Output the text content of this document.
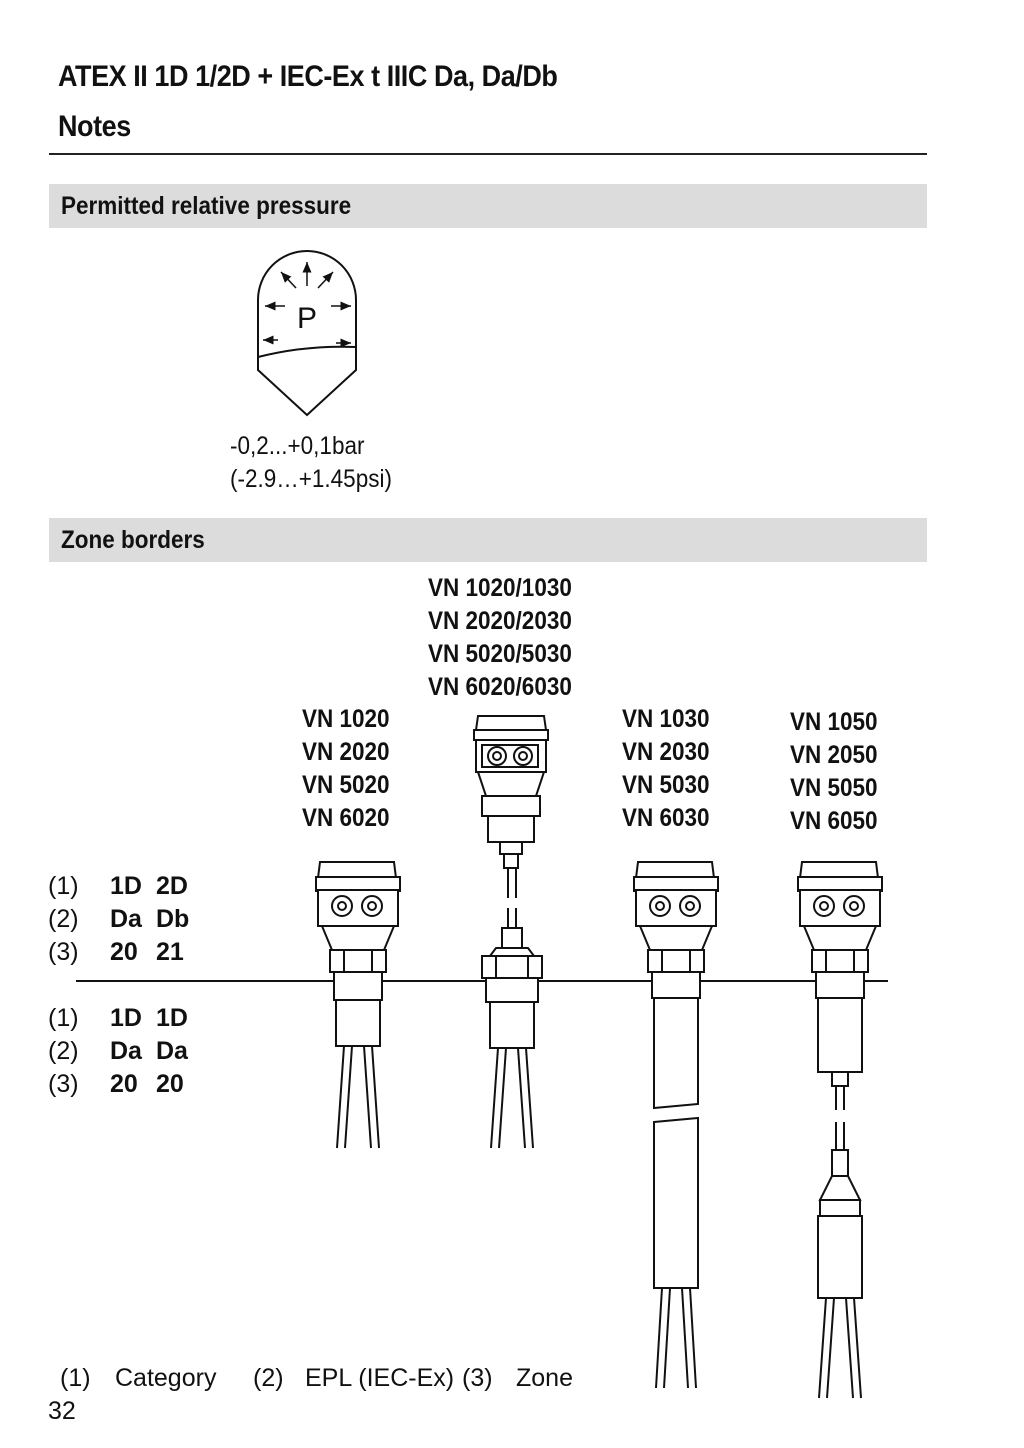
ATEX II 1D 1/2D + IEC-Ex t IIIC Da, Da/Db
Notes
Permitted relative pressure
P
-0,2...+0,1bar
(-2.9…+1.45psi)
Zone borders
VN 1020
VN 2020
VN 5020
VN 6020
VN 1020/1030
VN 2020/2030
VN 5020/5030
VN 6020/6030
VN 1030
VN 2030
VN 5030
VN 6030
VN 1050
VN 2050
VN 5050
VN 6050
(1) 1D 2D
(2) Da Db
(3) 20 21
(1) 1D 1D
(2) Da Da
(3) 20 20
(1) Category (2) EPL (IEC-Ex) (3) Zone
32
